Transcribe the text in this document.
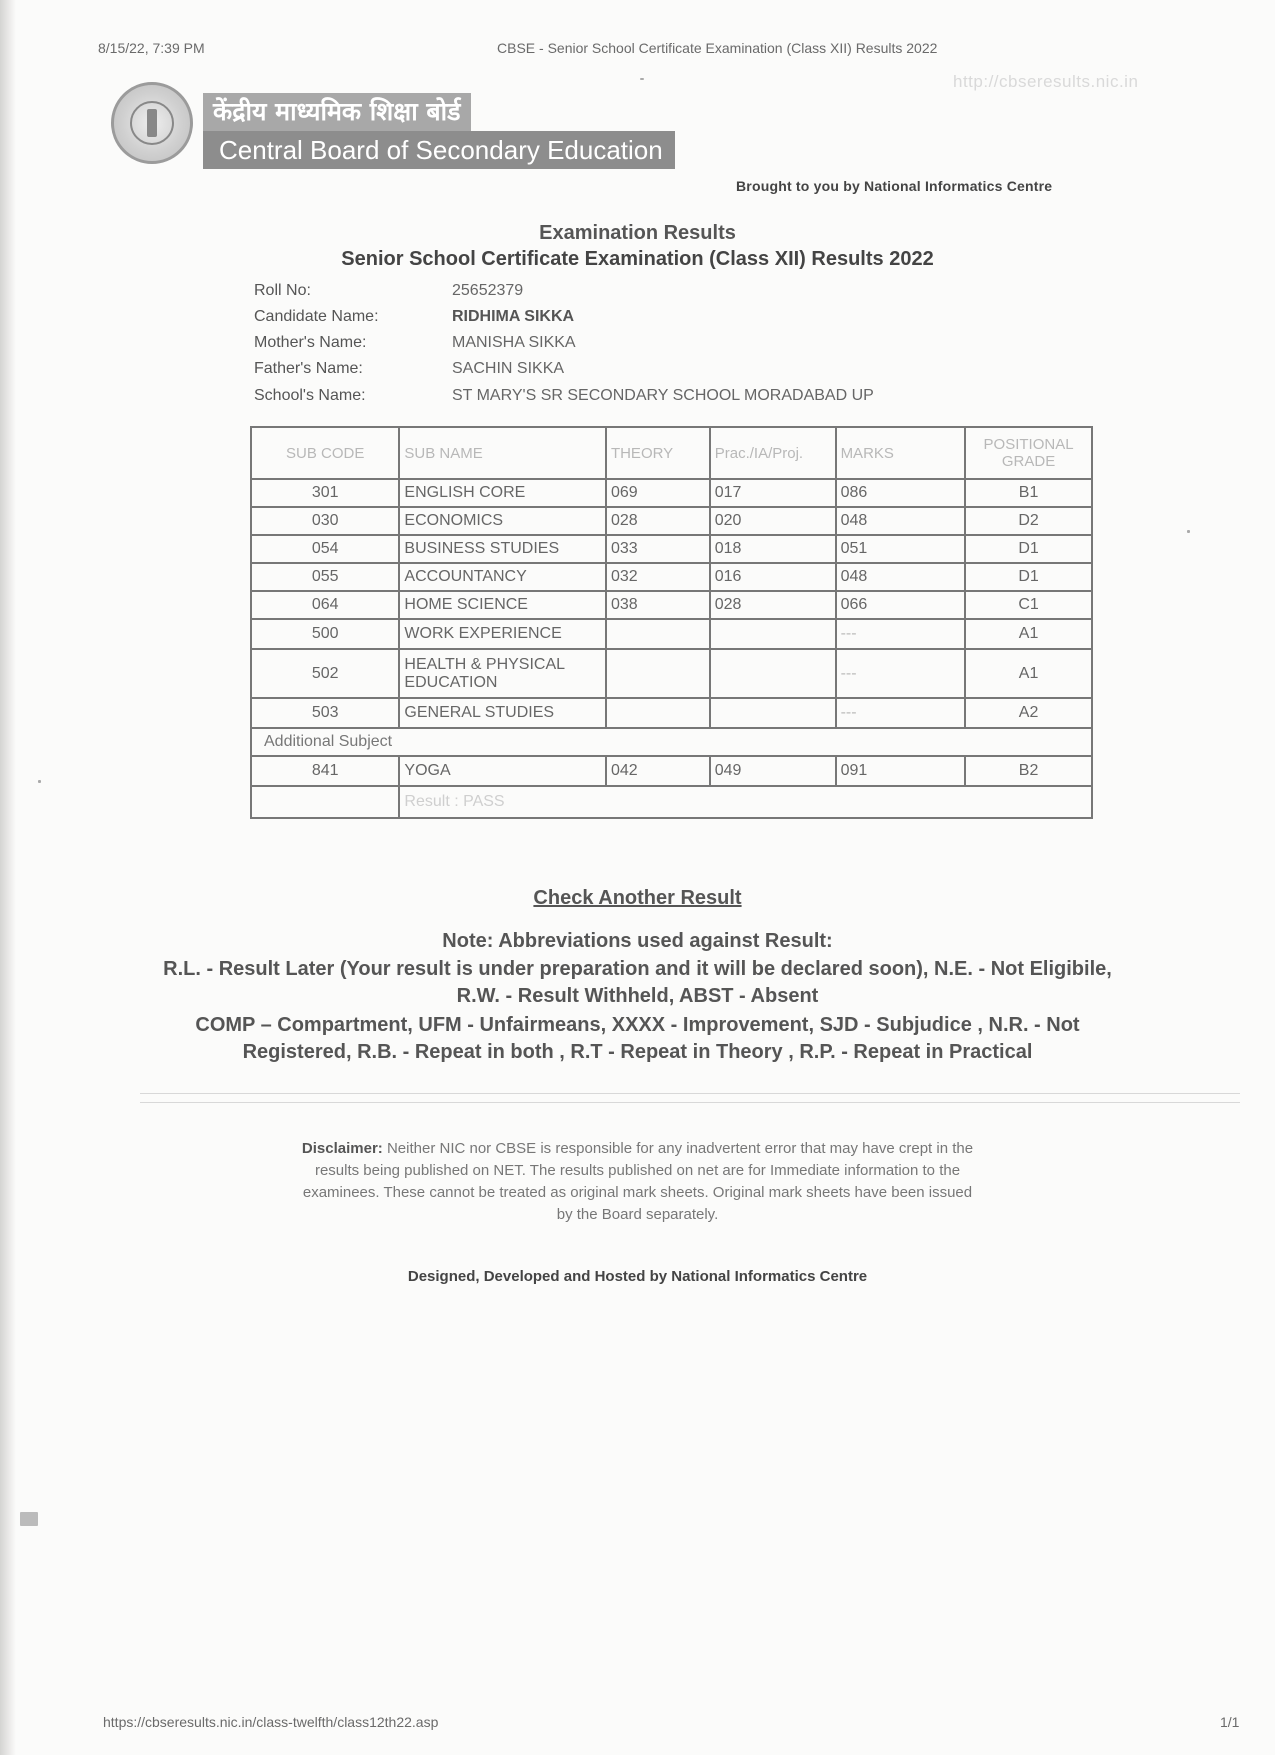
8/15/22, 7:39 PM	CBSE - Senior School Certificate Examination (Class XII) Results 2022
http://cbseresults.nic.in
केंद्रीय माध्यमिक शिक्षा बोर्ड
Central Board of Secondary Education
Brought to you by National Informatics Centre
Examination Results
Senior School Certificate Examination (Class XII) Results 2022
Roll No:	25652379
Candidate Name:	RIDHIMA SIKKA
Mother's Name:	MANISHA SIKKA
Father's Name:	SACHIN SIKKA
School's Name:	ST MARY'S SR SECONDARY SCHOOL MORADABAD UP
SUB CODE	SUB NAME	THEORY	Prac./IA/Proj.	MARKS	POSITIONAL GRADE
301	ENGLISH CORE	069	017	086	B1
030	ECONOMICS	028	020	048	D2
054	BUSINESS STUDIES	033	018	051	D1
055	ACCOUNTANCY	032	016	048	D1
064	HOME SCIENCE	038	028	066	C1
500	WORK EXPERIENCE			---	A1
502	HEALTH & PHYSICAL EDUCATION			---	A1
503	GENERAL STUDIES			---	A2
Additional Subject					
841	YOGA	042	049	091	B2
	Result : PASS				
Check Another Result
Note: Abbreviations used against Result:
R.L. - Result Later (Your result is under preparation and it will be declared soon), N.E. - Not Eligibile,
R.W. - Result Withheld, ABST - Absent
COMP – Compartment, UFM - Unfairmeans, XXXX - Improvement, SJD - Subjudice , N.R. - Not
Registered, R.B. - Repeat in both , R.T - Repeat in Theory , R.P. - Repeat in Practical
Disclaimer: Neither NIC nor CBSE is responsible for any inadvertent error that may have crept in the
results being published on NET. The results published on net are for Immediate information to the
examinees. These cannot be treated as original mark sheets. Original mark sheets have been issued
by the Board separately.
Designed, Developed and Hosted by National Informatics Centre
https://cbseresults.nic.in/class-twelfth/class12th22.asp	1/1
